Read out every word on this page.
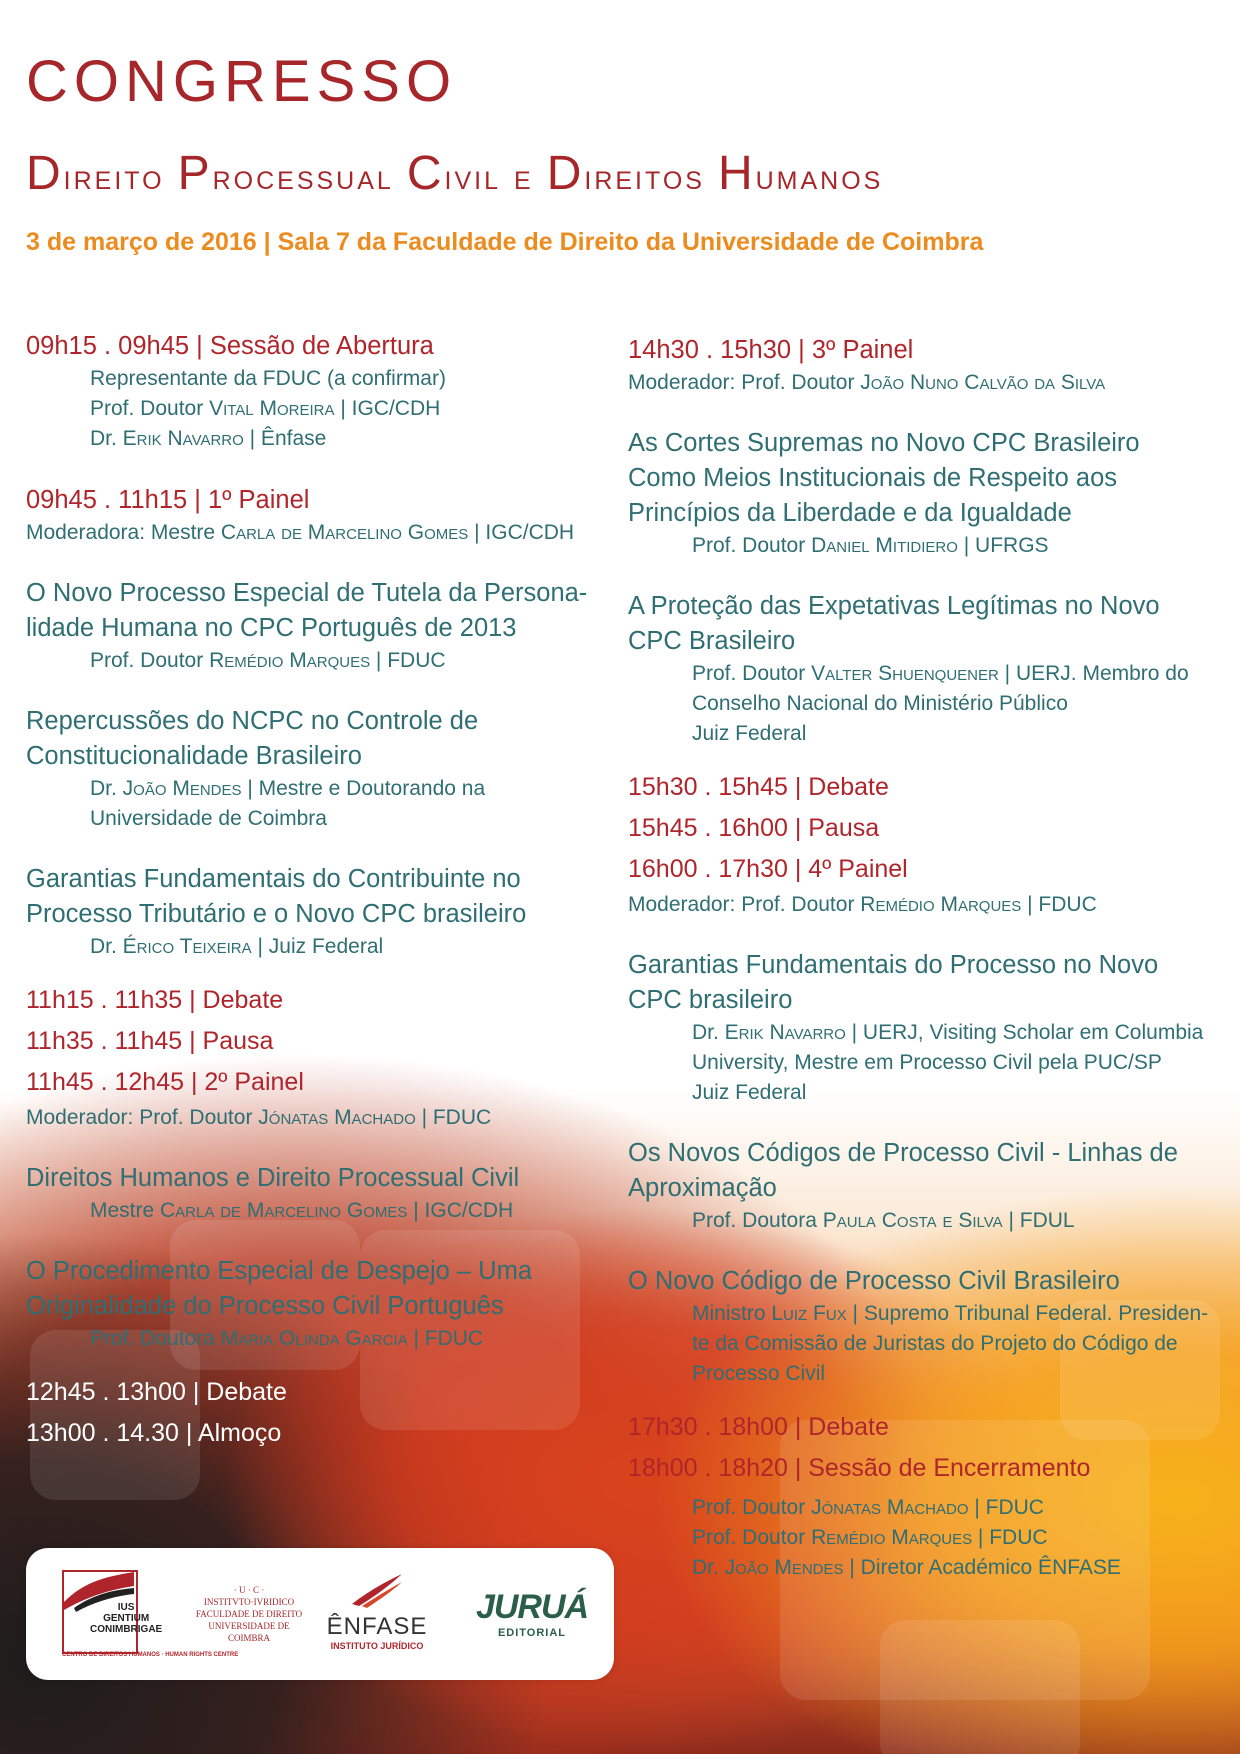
CONGRESSO
Direito Processual Civil e Direitos Humanos
3 de março de 2016 | Sala 7 da Faculdade de Direito da Universidade de Coimbra
09h15 . 09h45 | Sessão de Abertura
Representante da FDUC (a confirmar)
Prof. Doutor Vital Moreira | IGC/CDH
Dr. Erik Navarro | Ênfase
09h45 . 11h15 | 1º Painel
Moderadora: Mestre Carla de Marcelino Gomes | IGC/CDH
O Novo Processo Especial de Tutela da Persona-
lidade Humana no CPC Português de 2013
Prof. Doutor Remédio Marques | FDUC
Repercussões do NCPC no Controle de
Constitucionalidade Brasileiro
Dr. João Mendes | Mestre e Doutorando na
Universidade de Coimbra
Garantias Fundamentais do Contribuinte no
Processo Tributário e o Novo CPC brasileiro
Dr. Érico Teixeira | Juiz Federal
11h15 . 11h35 | Debate
11h35 . 11h45 | Pausa
11h45 . 12h45 | 2º Painel
Moderador: Prof. Doutor Jónatas Machado | FDUC
Direitos Humanos e Direito Processual Civil
Mestre Carla de Marcelino Gomes | IGC/CDH
O Procedimento Especial de Despejo – Uma
Originalidade do Processo Civil Português
Prof. Doutora Maria Olinda Garcia | FDUC
12h45 . 13h00 | Debate
13h00 . 14.30 | Almoço
14h30 . 15h30 | 3º Painel
Moderador: Prof. Doutor João Nuno Calvão da Silva
As Cortes Supremas no Novo CPC Brasileiro
Como Meios Institucionais de Respeito aos
Princípios da Liberdade e da Igualdade
Prof. Doutor Daniel Mitidiero | UFRGS
A Proteção das Expetativas Legítimas no Novo
CPC Brasileiro
Prof. Doutor Valter Shuenquener | UERJ. Membro do
Conselho Nacional do Ministério Público
Juiz Federal
15h30 . 15h45 | Debate
15h45 . 16h00 | Pausa
16h00 . 17h30 | 4º Painel
Moderador: Prof. Doutor Remédio Marques | FDUC
Garantias Fundamentais do Processo no Novo
CPC brasileiro
Dr. Erik Navarro | UERJ, Visiting Scholar em Columbia
University, Mestre em Processo Civil pela PUC/SP
Juiz Federal
Os Novos Códigos de Processo Civil - Linhas de
Aproximação
Prof. Doutora Paula Costa e Silva | FDUL
O Novo Código de Processo Civil Brasileiro
Ministro Luiz Fux | Supremo Tribunal Federal. Presiden-
te da Comissão de Juristas do Projeto do Código de
Processo Civil
17h30 . 18h00 | Debate
18h00 . 18h20 | Sessão de Encerramento
Prof. Doutor Jónatas Machado | FDUC
Prof. Doutor Remédio Marques | FDUC
Dr. João Mendes | Diretor Académico ÊNFASE
IUS
GENTIUM
CONIMBRIGAE
CENTRO DE DIREITOS HUMANOS · HUMAN RIGHTS CENTRE
· U · C ·
INSTITVTO·IVRIDICO
FACULDADE DE DIREITO
UNIVERSIDADE DE COIMBRA	ÊNFASE
INSTITUTO JURÍDICO
JURUÁ
EDITORIAL
